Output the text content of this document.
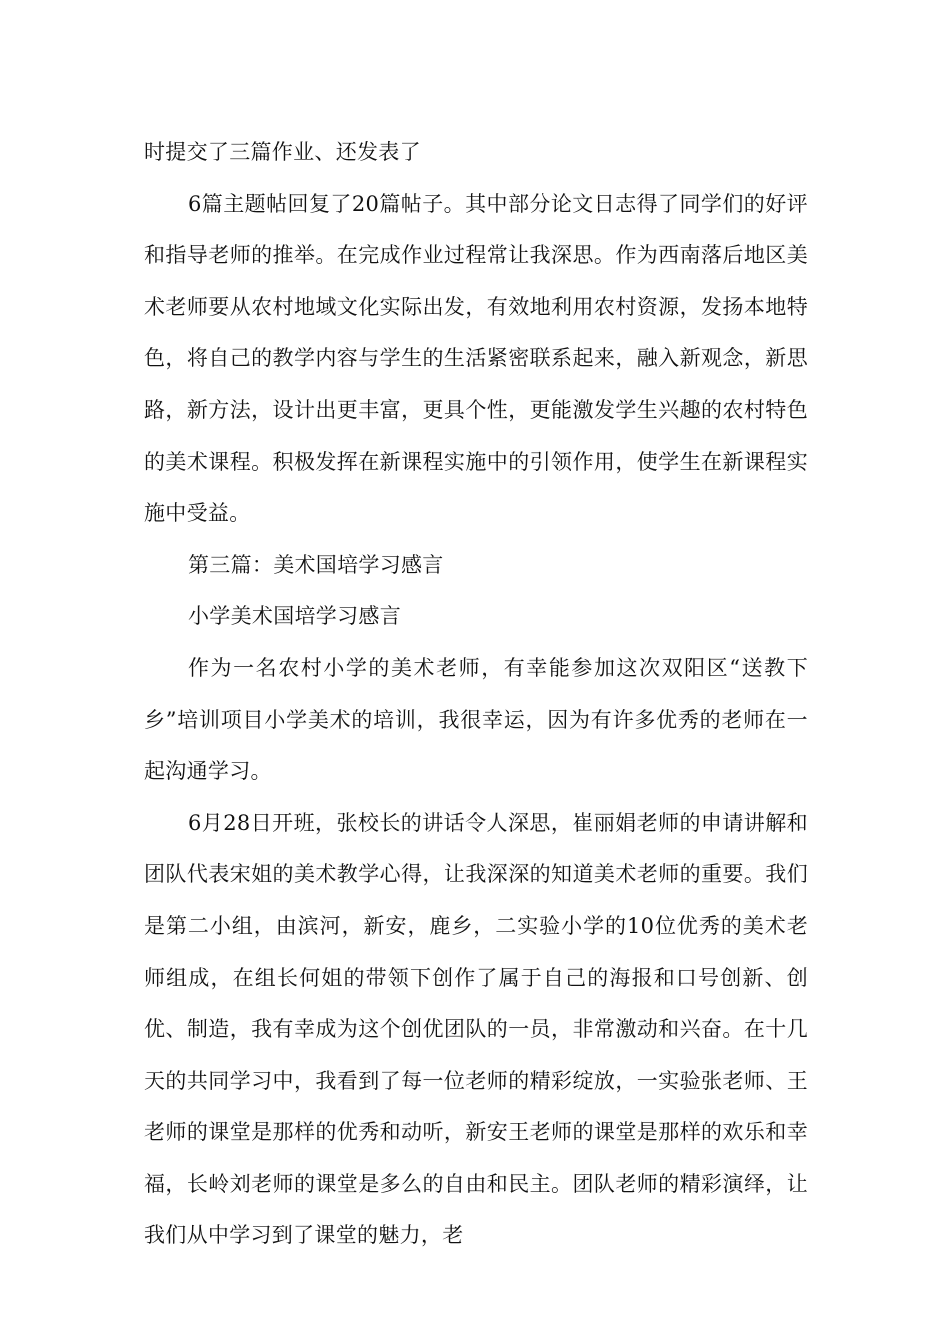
时提交了三篇作业、还发表了

6篇主题帖回复了20篇帖子。其中部分论文日志得了同学们的好评和指导老师的推举。在完成作业过程常让我深思。作为西南落后地区美术老师要从农村地域文化实际出发，有效地利用农村资源，发扬本地特色，将自己的教学内容与学生的生活紧密联系起来，融入新观念，新思路，新方法，设计出更丰富，更具个性，更能激发学生兴趣的农村特色的美术课程。积极发挥在新课程实施中的引领作用，使学生在新课程实施中受益。

第三篇：美术国培学习感言

小学美术国培学习感言

作为一名农村小学的美术老师，有幸能参加这次双阳区“送教下乡”培训项目小学美术的培训，我很幸运，因为有许多优秀的老师在一起沟通学习。

6月28日开班，张校长的讲话令人深思，崔丽娟老师的申请讲解和团队代表宋姐的美术教学心得，让我深深的知道美术老师的重要。我们是第二小组，由滨河，新安，鹿乡，二实验小学的10位优秀的美术老师组成，在组长何姐的带领下创作了属于自己的海报和口号创新、创优、制造，我有幸成为这个创优团队的一员，非常激动和兴奋。在十几天的共同学习中，我看到了每一位老师的精彩绽放，一实验张老师、王老师的课堂是那样的优秀和动听，新安王老师的课堂是那样的欢乐和幸福，长岭刘老师的课堂是多么的自由和民主。团队老师的精彩演绎，让我们从中学习到了课堂的魅力，老
